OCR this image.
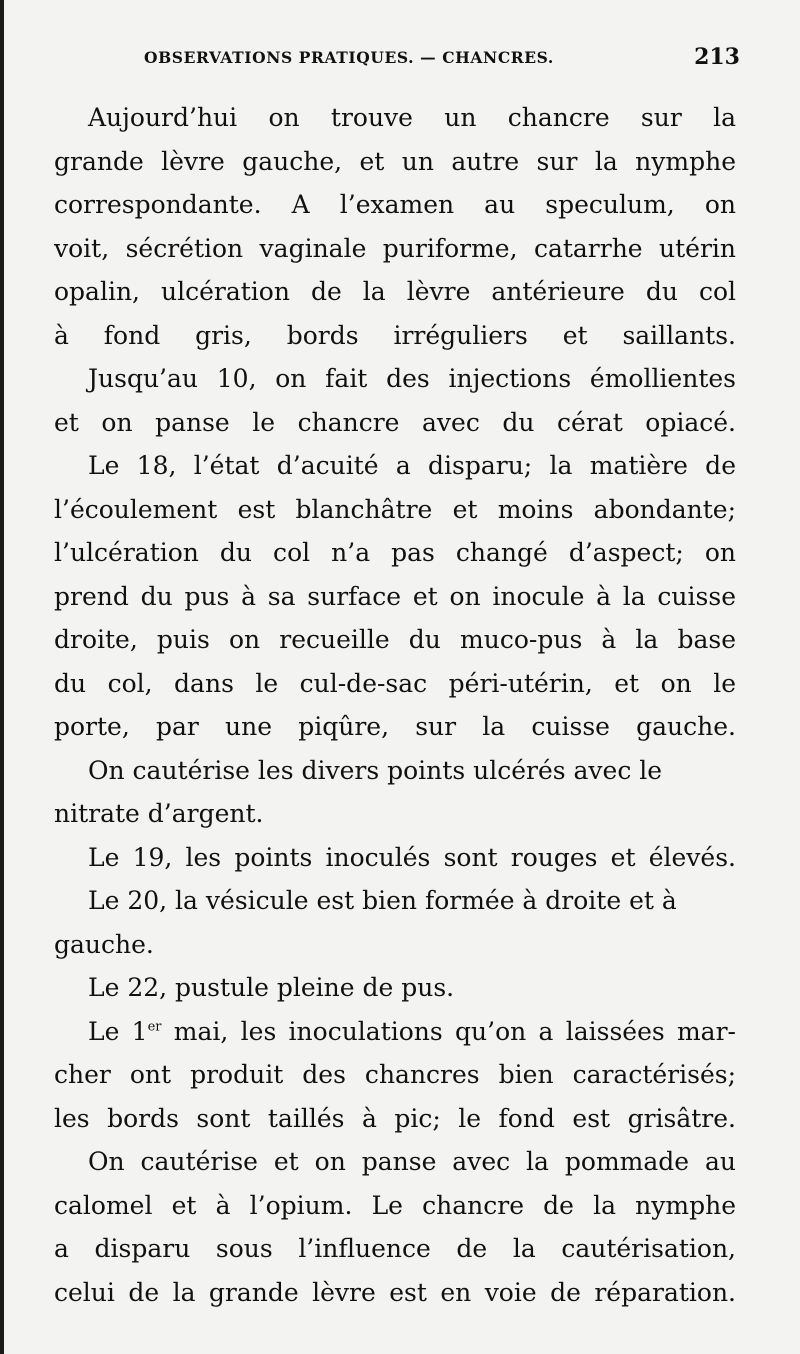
OBSERVATIONS PRATIQUES. — CHANCRES.	213

Aujourd’hui on trouve un chancre sur la
grande lèvre gauche, et un autre sur la nymphe
correspondante. A l’examen au speculum, on
voit, sécrétion vaginale puriforme, catarrhe utérin
opalin, ulcération de la lèvre antérieure du col
à fond gris, bords irréguliers et saillants.

Jusqu’au 10, on fait des injections émollientes
et on panse le chancre avec du cérat opiacé.

Le 18, l’état d’acuité a disparu; la matière de
l’écoulement est blanchâtre et moins abondante;
l’ulcération du col n’a pas changé d’aspect; on
prend du pus à sa surface et on inocule à la cuisse
droite, puis on recueille du muco-pus à la base
du col, dans le cul-de-sac péri-utérin, et on le
porte, par une piqûre, sur la cuisse gauche.

On cautérise les divers points ulcérés avec le
nitrate d’argent.

Le 19, les points inoculés sont rouges et élevés.

Le 20, la vésicule est bien formée à droite et à
gauche.

Le 22, pustule pleine de pus.

Le 1er mai, les inoculations qu’on a laissées mar-
cher ont produit des chancres bien caractérisés;
les bords sont taillés à pic; le fond est grisâtre.

On cautérise et on panse avec la pommade au
calomel et à l’opium. Le chancre de la nymphe
a disparu sous l’influence de la cautérisation,
celui de la grande lèvre est en voie de réparation.
